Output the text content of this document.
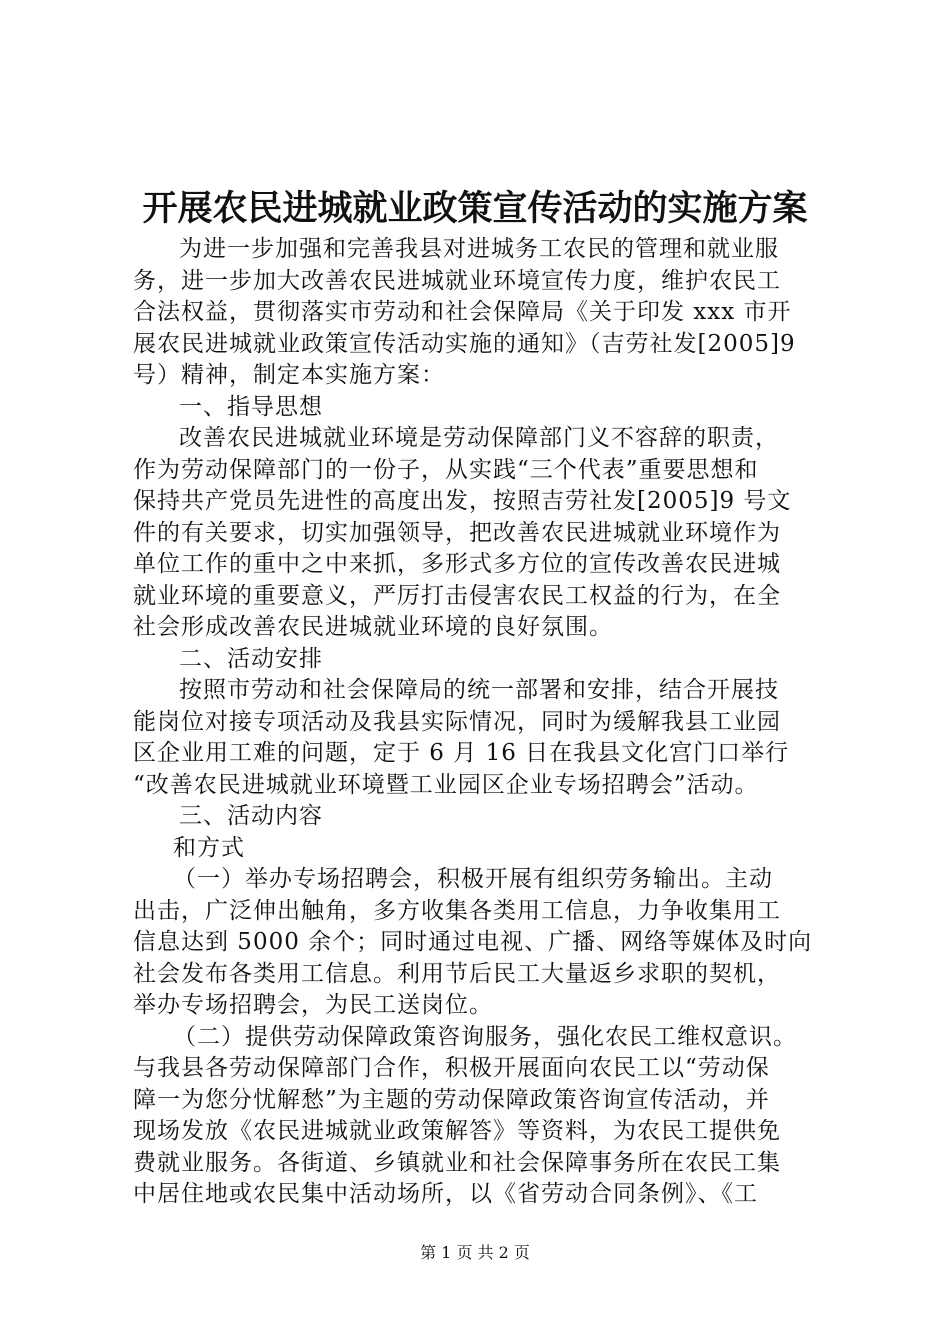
开展农民进城就业政策宣传活动的实施方案
为进一步加强和完善我县对进城务工农民的管理和就业服
务，进一步加大改善农民进城就业环境宣传力度，维护农民工
合法权益，贯彻落实市劳动和社会保障局《关于印发 xxx 市开
展农民进城就业政策宣传活动实施的通知》（吉劳社发[2005]9
号）精神，制定本实施方案：
一、指导思想
改善农民进城就业环境是劳动保障部门义不容辞的职责，
作为劳动保障部门的一份子，从实践“三个代表”重要思想和
保持共产党员先进性的高度出发，按照吉劳社发[2005]9 号文
件的有关要求，切实加强领导，把改善农民进城就业环境作为
单位工作的重中之中来抓，多形式多方位的宣传改善农民进城
就业环境的重要意义，严厉打击侵害农民工权益的行为，在全
社会形成改善农民进城就业环境的良好氛围。
二、活动安排
按照市劳动和社会保障局的统一部署和安排，结合开展技
能岗位对接专项活动及我县实际情况，同时为缓解我县工业园
区企业用工难的问题，定于 6 月 16 日在我县文化宫门口举行
“改善农民进城就业环境暨工业园区企业专场招聘会”活动。
三、活动内容
和方式
（一）举办专场招聘会，积极开展有组织劳务输出。主动
出击，广泛伸出触角，多方收集各类用工信息，力争收集用工
信息达到 5000 余个；同时通过电视、广播、网络等媒体及时向
社会发布各类用工信息。利用节后民工大量返乡求职的契机，
举办专场招聘会，为民工送岗位。
（二）提供劳动保障政策咨询服务，强化农民工维权意识。
与我县各劳动保障部门合作，积极开展面向农民工以“劳动保
障一为您分忧解愁”为主题的劳动保障政策咨询宣传活动，并
现场发放《农民进城就业政策解答》等资料，为农民工提供免
费就业服务。各街道、乡镇就业和社会保障事务所在农民工集
中居住地或农民集中活动场所，以《省劳动合同条例》、《工
第 1 页 共 2 页
